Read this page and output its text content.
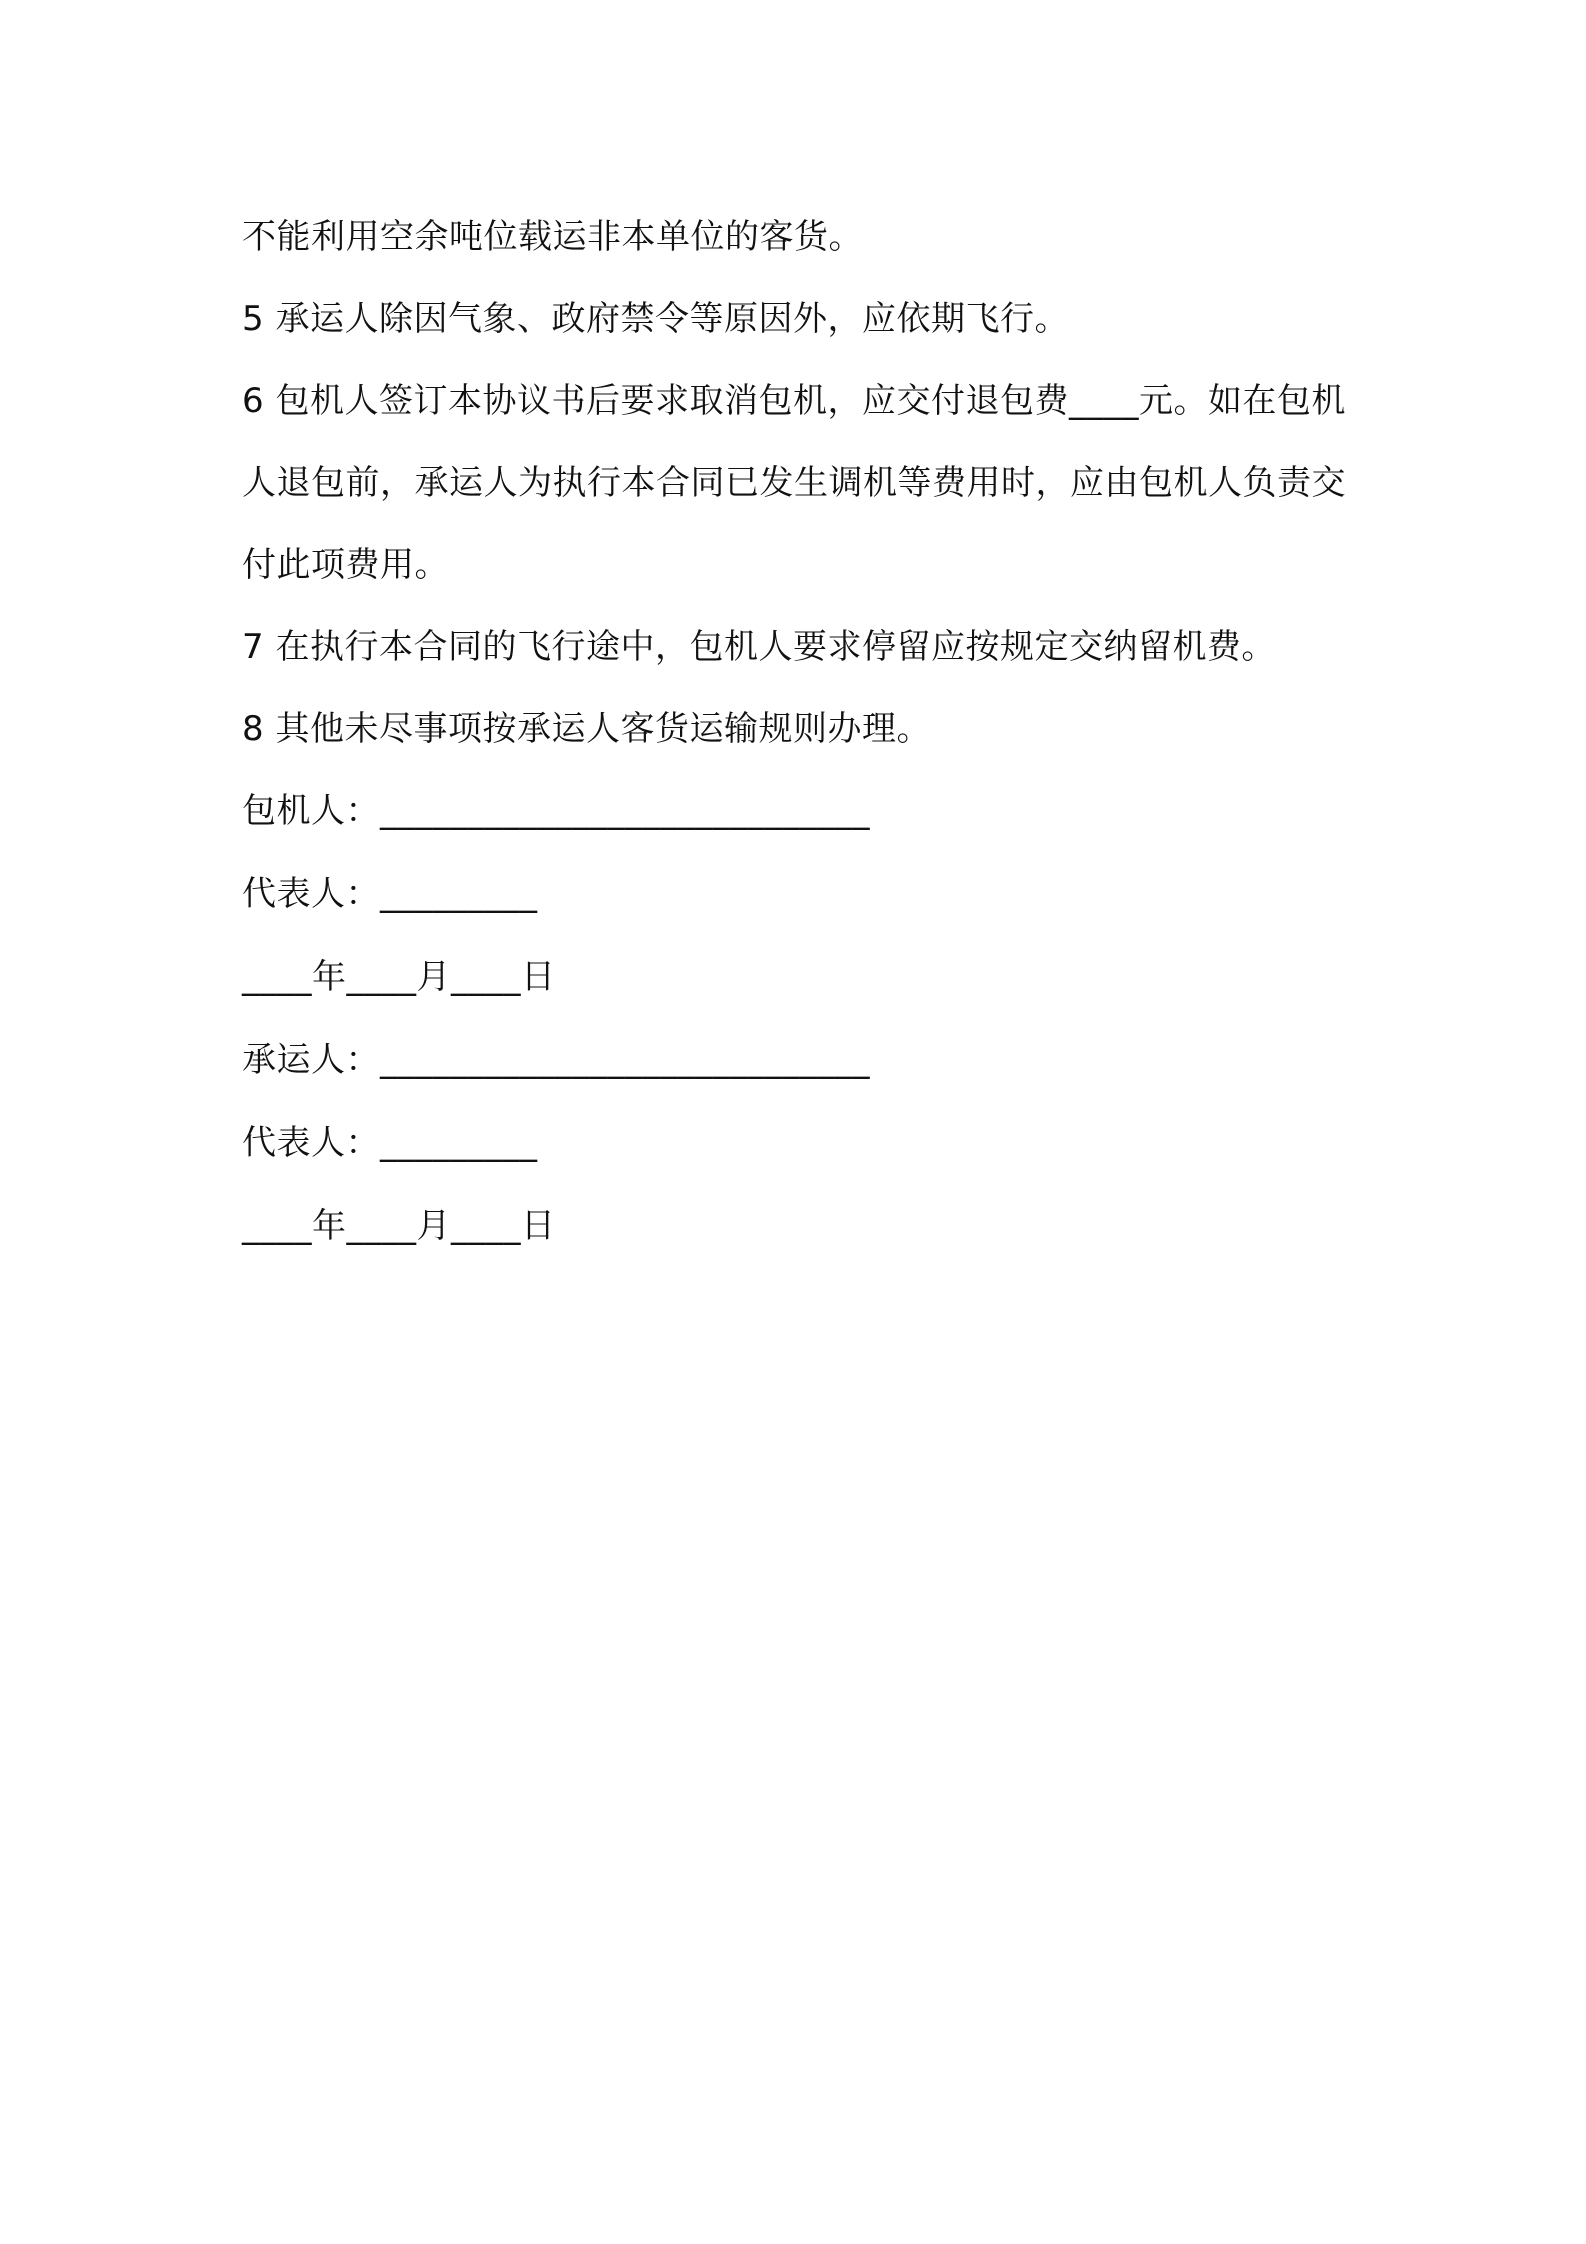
不能利用空余吨位载运非本单位的客货。

5 承运人除因气象、政府禁令等原因外，应依期飞行。

6 包机人签订本协议书后要求取消包机，应交付退包费____元。如在包机人退包前，承运人为执行本合同已发生调机等费用时，应由包机人负责交付此项费用。

7 在执行本合同的飞行途中，包机人要求停留应按规定交纳留机费。

8 其他未尽事项按承运人客货运输规则办理。

包机人：____________________________

代表人：_________

____年____月____日

承运人：____________________________

代表人：_________

____年____月____日
